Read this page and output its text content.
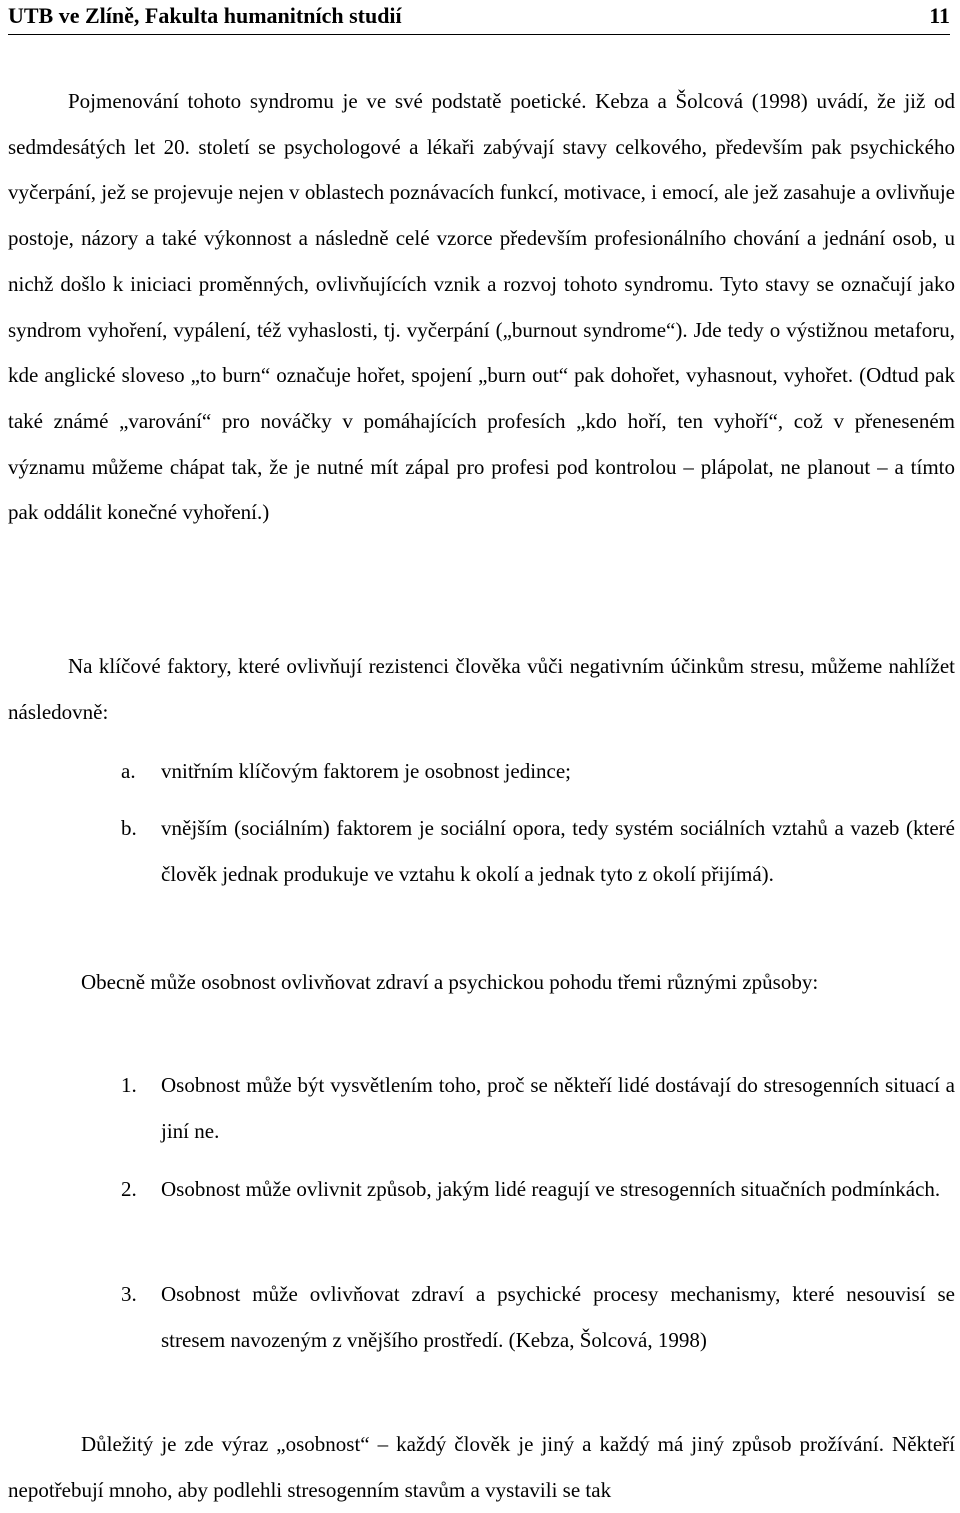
UTB ve Zlíně, Fakulta humanitních studií	11
Pojmenování tohoto syndromu je ve své podstatě poetické. Kebza a Šolcová (1998) uvádí, že již od sedmdesátých let 20. století se psychologové a lékaři zabývají stavy celkového, především pak psychického vyčerpání, jež se projevuje nejen v oblastech poznávacích funkcí, motivace, i emocí, ale jež zasahuje a ovlivňuje postoje, názory a také výkonnost a následně celé vzorce především profesionálního chování a jednání osob, u nichž došlo k iniciaci proměnných, ovlivňujících vznik a rozvoj tohoto syndromu. Tyto stavy se označují jako syndrom vyhoření, vypálení, též vyhaslosti, tj. vyčerpání („burnout syndrome“). Jde tedy o výstižnou metaforu, kde anglické sloveso „to burn“ označuje hořet, spojení „burn out“ pak dohořet, vyhasnout, vyhořet. (Odtud pak také známé „varování“ pro nováčky v pomáhajících profesích „kdo hoří, ten vyhoří“, což v přeneseném významu můžeme chápat tak, že je nutné mít zápal pro profesi pod kontrolou – plápolat, ne planout – a tímto pak oddálit konečné vyhoření.)
Na klíčové faktory, které ovlivňují rezistenci člověka vůči negativním účinkům stresu, můžeme nahlížet následovně:
a. vnitřním klíčovým faktorem je osobnost jedince;
b. vnějším (sociálním) faktorem je sociální opora, tedy systém sociálních vztahů a vazeb (které člověk jednak produkuje ve vztahu k okolí a jednak tyto z okolí přijímá).
Obecně může osobnost ovlivňovat zdraví a psychickou pohodu třemi různými způsoby:
1. Osobnost může být vysvětlením toho, proč se někteří lidé dostávají do stresogenních situací a jiní ne.
2. Osobnost může ovlivnit způsob, jakým lidé reagují ve stresogenních situačních podmínkách.
3. Osobnost může ovlivňovat zdraví a psychické procesy mechanismy, které nesouvisí se stresem navozeným z vnějšího prostředí. (Kebza, Šolcová, 1998)
Důležitý je zde výraz „osobnost“ – každý člověk je jiný a každý má jiný způsob prožívání. Někteří nepotřebují mnoho, aby podlehli stresogenním stavům a vystavili se tak
